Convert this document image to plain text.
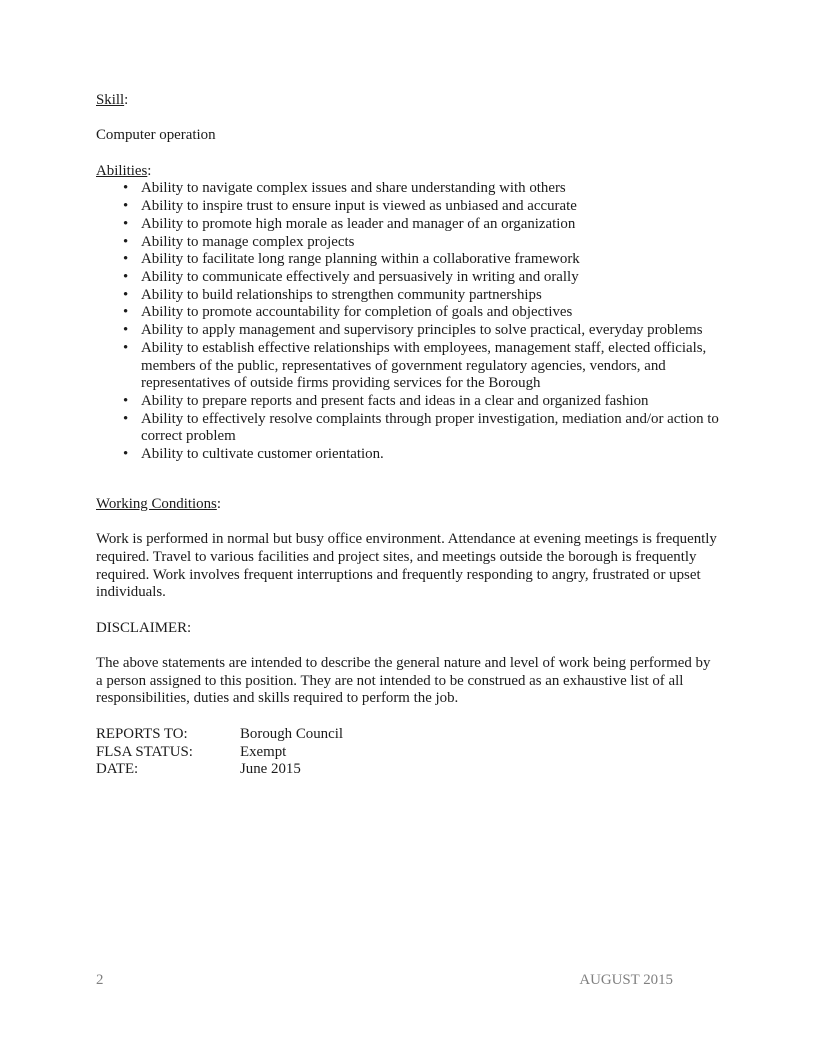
Skill:

Computer operation

Abilities:
• Ability to navigate complex issues and share understanding with others
• Ability to inspire trust to ensure input is viewed as unbiased and accurate
• Ability to promote high morale as leader and manager of an organization
• Ability to manage complex projects
• Ability to facilitate long range planning within a collaborative framework
• Ability to communicate effectively and persuasively in writing and orally
• Ability to build relationships to strengthen community partnerships
• Ability to promote accountability for completion of goals and objectives
• Ability to apply management and supervisory principles to solve practical, everyday problems
• Ability to establish effective relationships with employees, management staff, elected officials, members of the public, representatives of government regulatory agencies, vendors, and representatives of outside firms providing services for the Borough
• Ability to prepare reports and present facts and ideas in a clear and organized fashion
• Ability to effectively resolve complaints through proper investigation, mediation and/or action to correct problem
• Ability to cultivate customer orientation.
Working Conditions:

Work is performed in normal but busy office environment. Attendance at evening meetings is frequently required. Travel to various facilities and project sites, and meetings outside the borough is frequently required. Work involves frequent interruptions and frequently responding to angry, frustrated or upset individuals.

DISCLAIMER:

The above statements are intended to describe the general nature and level of work being performed by a person assigned to this position. They are not intended to be construed as an exhaustive list of all responsibilities, duties and skills required to perform the job.

REPORTS TO:	Borough Council
FLSA STATUS:	Exempt
DATE:	June 2015
2	AUGUST 2015
